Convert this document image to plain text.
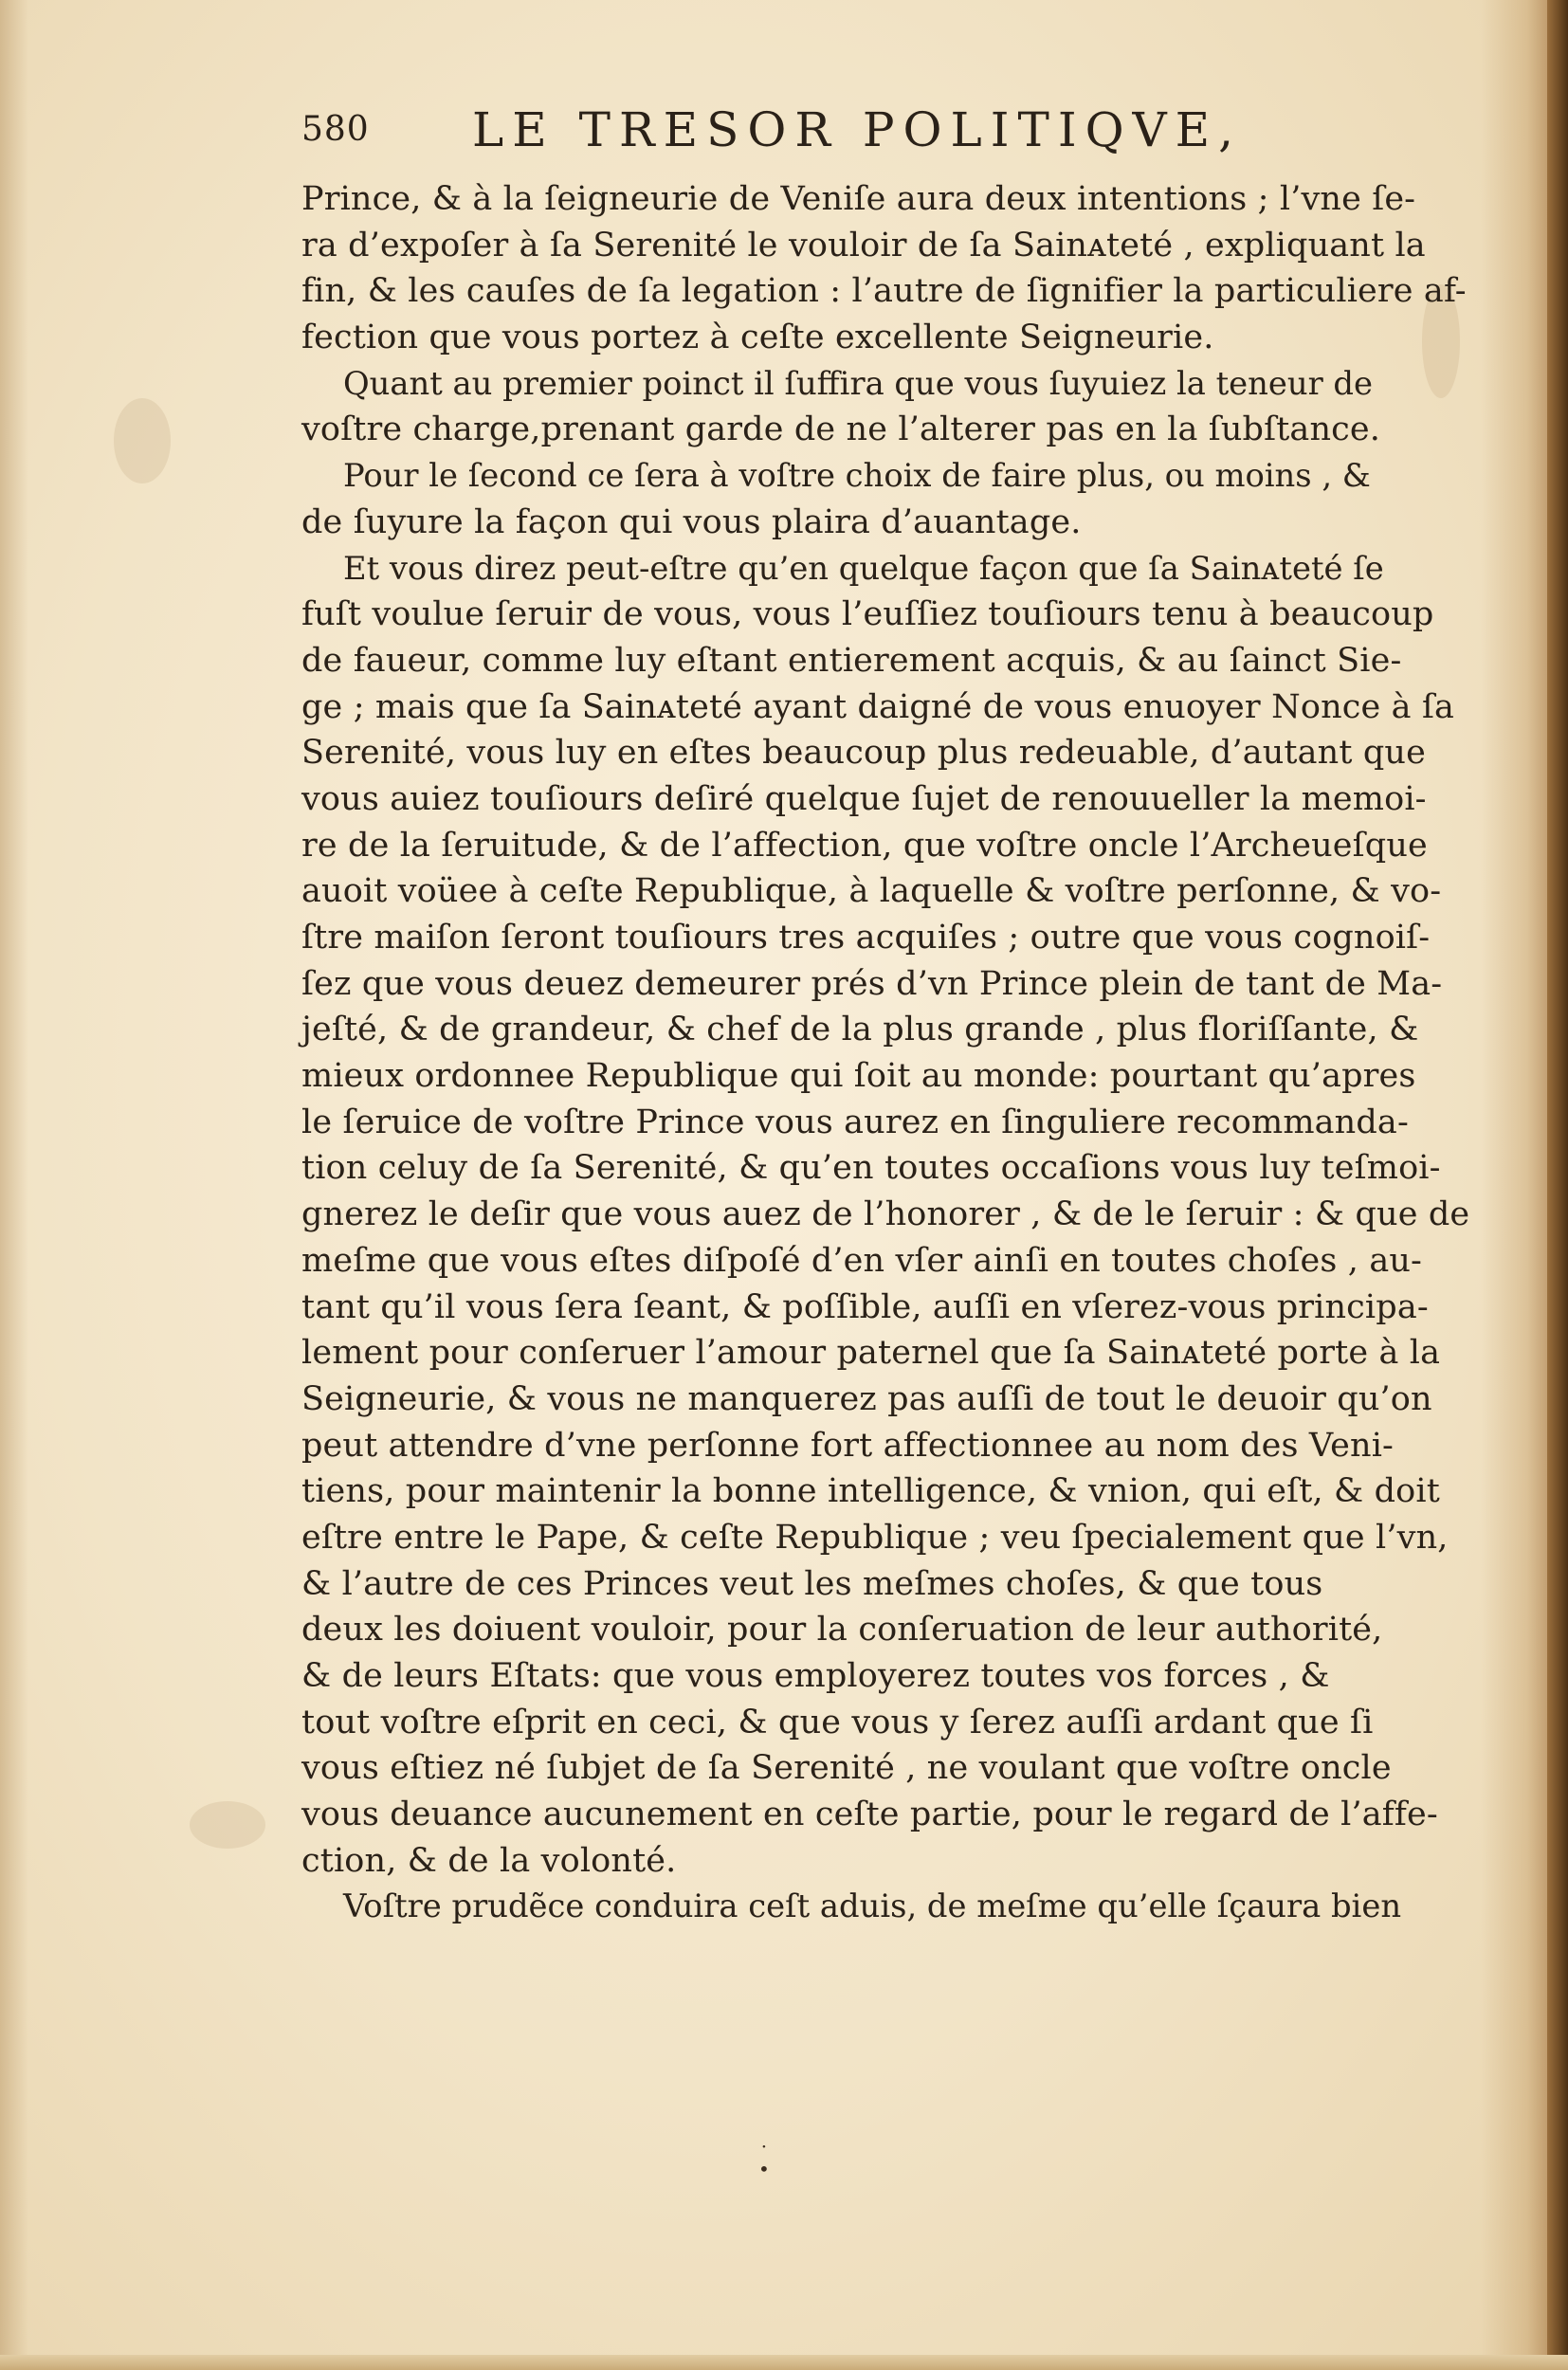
580 LE TRESOR POLITIQVE,
Prince, & à la ſeigneurie de Veniſe aura deux intentions ; l’vne ſe-
ra d’expoſer à ſa Serenité le vouloir de ſa Sainᴀteté , expliquant la
fin, & les cauſes de ſa legation : l’autre de ſignifier la particuliere af-
fection que vous portez à ceſte excellente Seigneurie.
Quant au premier poinct il ſuffira que vous ſuyuiez la teneur de
voſtre charge,prenant garde de ne l’alterer pas en la ſubſtance.
Pour le ſecond ce ſera à voſtre choix de faire plus, ou moins , &
de ſuyure la façon qui vous plaira d’auantage.
Et vous direz peut-eſtre qu’en quelque façon que ſa Sainᴀteté ſe
fuſt voulue ſeruir de vous, vous l’euſſiez touſiours tenu à beaucoup
de faueur, comme luy eſtant entierement acquis, & au ſainct Sie-
ge ; mais que ſa Sainᴀteté ayant daigné de vous enuoyer Nonce à ſa
Serenité, vous luy en eſtes beaucoup plus redeuable, d’autant que
vous auiez touſiours deſiré quelque ſujet de renouueller la memoi-
re de la ſeruitude, & de l’affection, que voſtre oncle l’Archeueſque
auoit voüee à ceſte Republique, à laquelle & voſtre perſonne, & vo-
ſtre maiſon ſeront touſiours tres acquiſes ; outre que vous cognoiſ-
ſez que vous deuez demeurer prés d’vn Prince plein de tant de Ma-
jeſté, & de grandeur, & chef de la plus grande , plus floriſſante, &
mieux ordonnee Republique qui ſoit au monde: pourtant qu’apres
le ſeruice de voſtre Prince vous aurez en ſinguliere recommanda-
tion celuy de ſa Serenité, & qu’en toutes occaſions vous luy teſmoi-
gnerez le deſir que vous auez de l’honorer , & de le ſeruir : & que de
meſme que vous eſtes diſpoſé d’en vſer ainſi en toutes choſes , au-
tant qu’il vous ſera ſeant, & poſſible, auſſi en vſerez-vous principa-
lement pour conſeruer l’amour paternel que ſa Sainᴀteté porte à la
Seigneurie, & vous ne manquerez pas auſſi de tout le deuoir qu’on
peut attendre d’vne perſonne fort affectionnee au nom des Veni-
tiens, pour maintenir la bonne intelligence, & vnion, qui eſt, & doit
eſtre entre le Pape, & ceſte Republique ; veu ſpecialement que l’vn,
& l’autre de ces Princes veut les meſmes choſes, & que tous
deux les doiuent vouloir, pour la conſeruation de leur authorité,
& de leurs Eſtats: que vous employerez toutes vos forces , &
tout voſtre eſprit en ceci, & que vous y ſerez auſſi ardant que ſi
vous eſtiez né ſubjet de ſa Serenité , ne voulant que voſtre oncle
vous deuance aucunement en ceſte partie, pour le regard de l’affe-
ction, & de la volonté.
Voſtre prudẽce conduira ceſt aduis, de meſme qu’elle ſçaura bien
·
•
